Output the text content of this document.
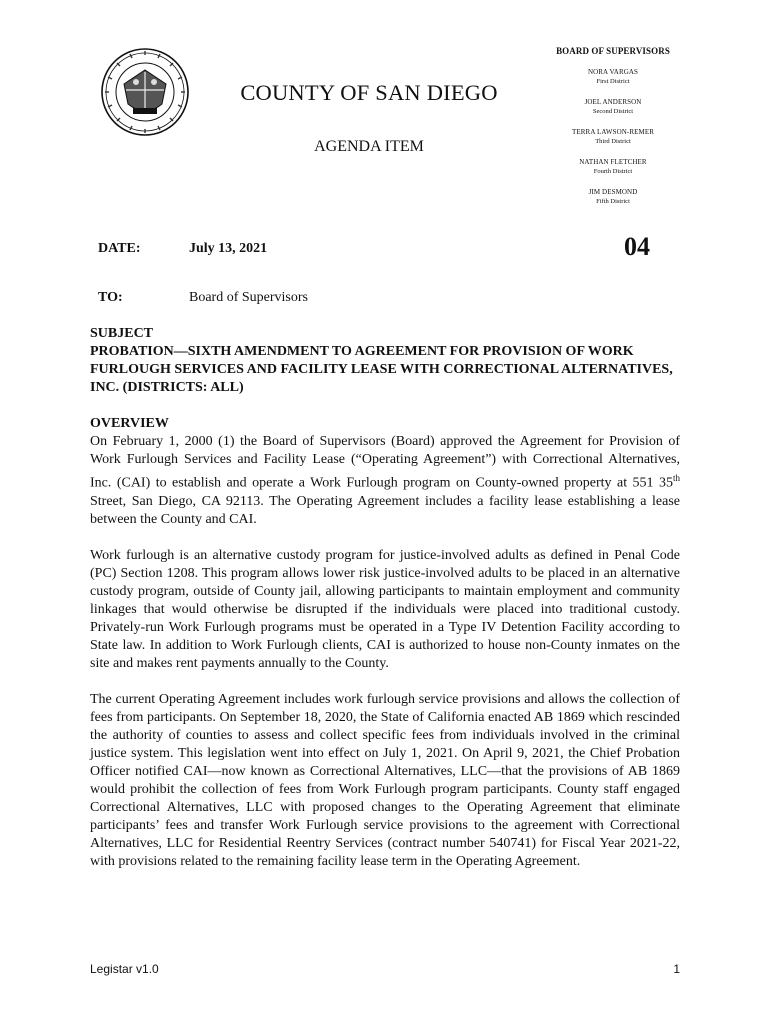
COUNTY OF SAN DIEGO
AGENDA ITEM
BOARD OF SUPERVISORS
NORA VARGAS
First District
JOEL ANDERSON
Second District
TERRA LAWSON-REMER
Third District
NATHAN FLETCHER
Fourth District
JIM DESMOND
Fifth District
DATE:	July 13, 2021	04
TO:	Board of Supervisors
SUBJECT
PROBATION—SIXTH AMENDMENT TO AGREEMENT FOR PROVISION OF WORK FURLOUGH SERVICES AND FACILITY LEASE WITH CORRECTIONAL ALTERNATIVES, INC. (DISTRICTS: ALL)
OVERVIEW

On February 1, 2000 (1) the Board of Supervisors (Board) approved the Agreement for Provision of Work Furlough Services and Facility Lease (“Operating Agreement”) with Correctional Alternatives, Inc. (CAI) to establish and operate a Work Furlough program on County-owned property at 551 35th Street, San Diego, CA 92113. The Operating Agreement includes a facility lease establishing a lease between the County and CAI.

Work furlough is an alternative custody program for justice-involved adults as defined in Penal Code (PC) Section 1208. This program allows lower risk justice-involved adults to be placed in an alternative custody program, outside of County jail, allowing participants to maintain employment and community linkages that would otherwise be disrupted if the individuals were placed into traditional custody. Privately-run Work Furlough programs must be operated in a Type IV Detention Facility according to State law. In addition to Work Furlough clients, CAI is authorized to house non-County inmates on the site and makes rent payments annually to the County.

The current Operating Agreement includes work furlough service provisions and allows the collection of fees from participants. On September 18, 2020, the State of California enacted AB 1869 which rescinded the authority of counties to assess and collect specific fees from individuals involved in the criminal justice system. This legislation went into effect on July 1, 2021. On April 9, 2021, the Chief Probation Officer notified CAI—now known as Correctional Alternatives, LLC—that the provisions of AB 1869 would prohibit the collection of fees from Work Furlough program participants. County staff engaged Correctional Alternatives, LLC with proposed changes to the Operating Agreement that eliminate participants’ fees and transfer Work Furlough service provisions to the agreement with Correctional Alternatives, LLC for Residential Reentry Services (contract number 540741) for Fiscal Year 2021-22, with provisions related to the remaining facility lease term in the Operating Agreement.

Legistar v1.0	1
